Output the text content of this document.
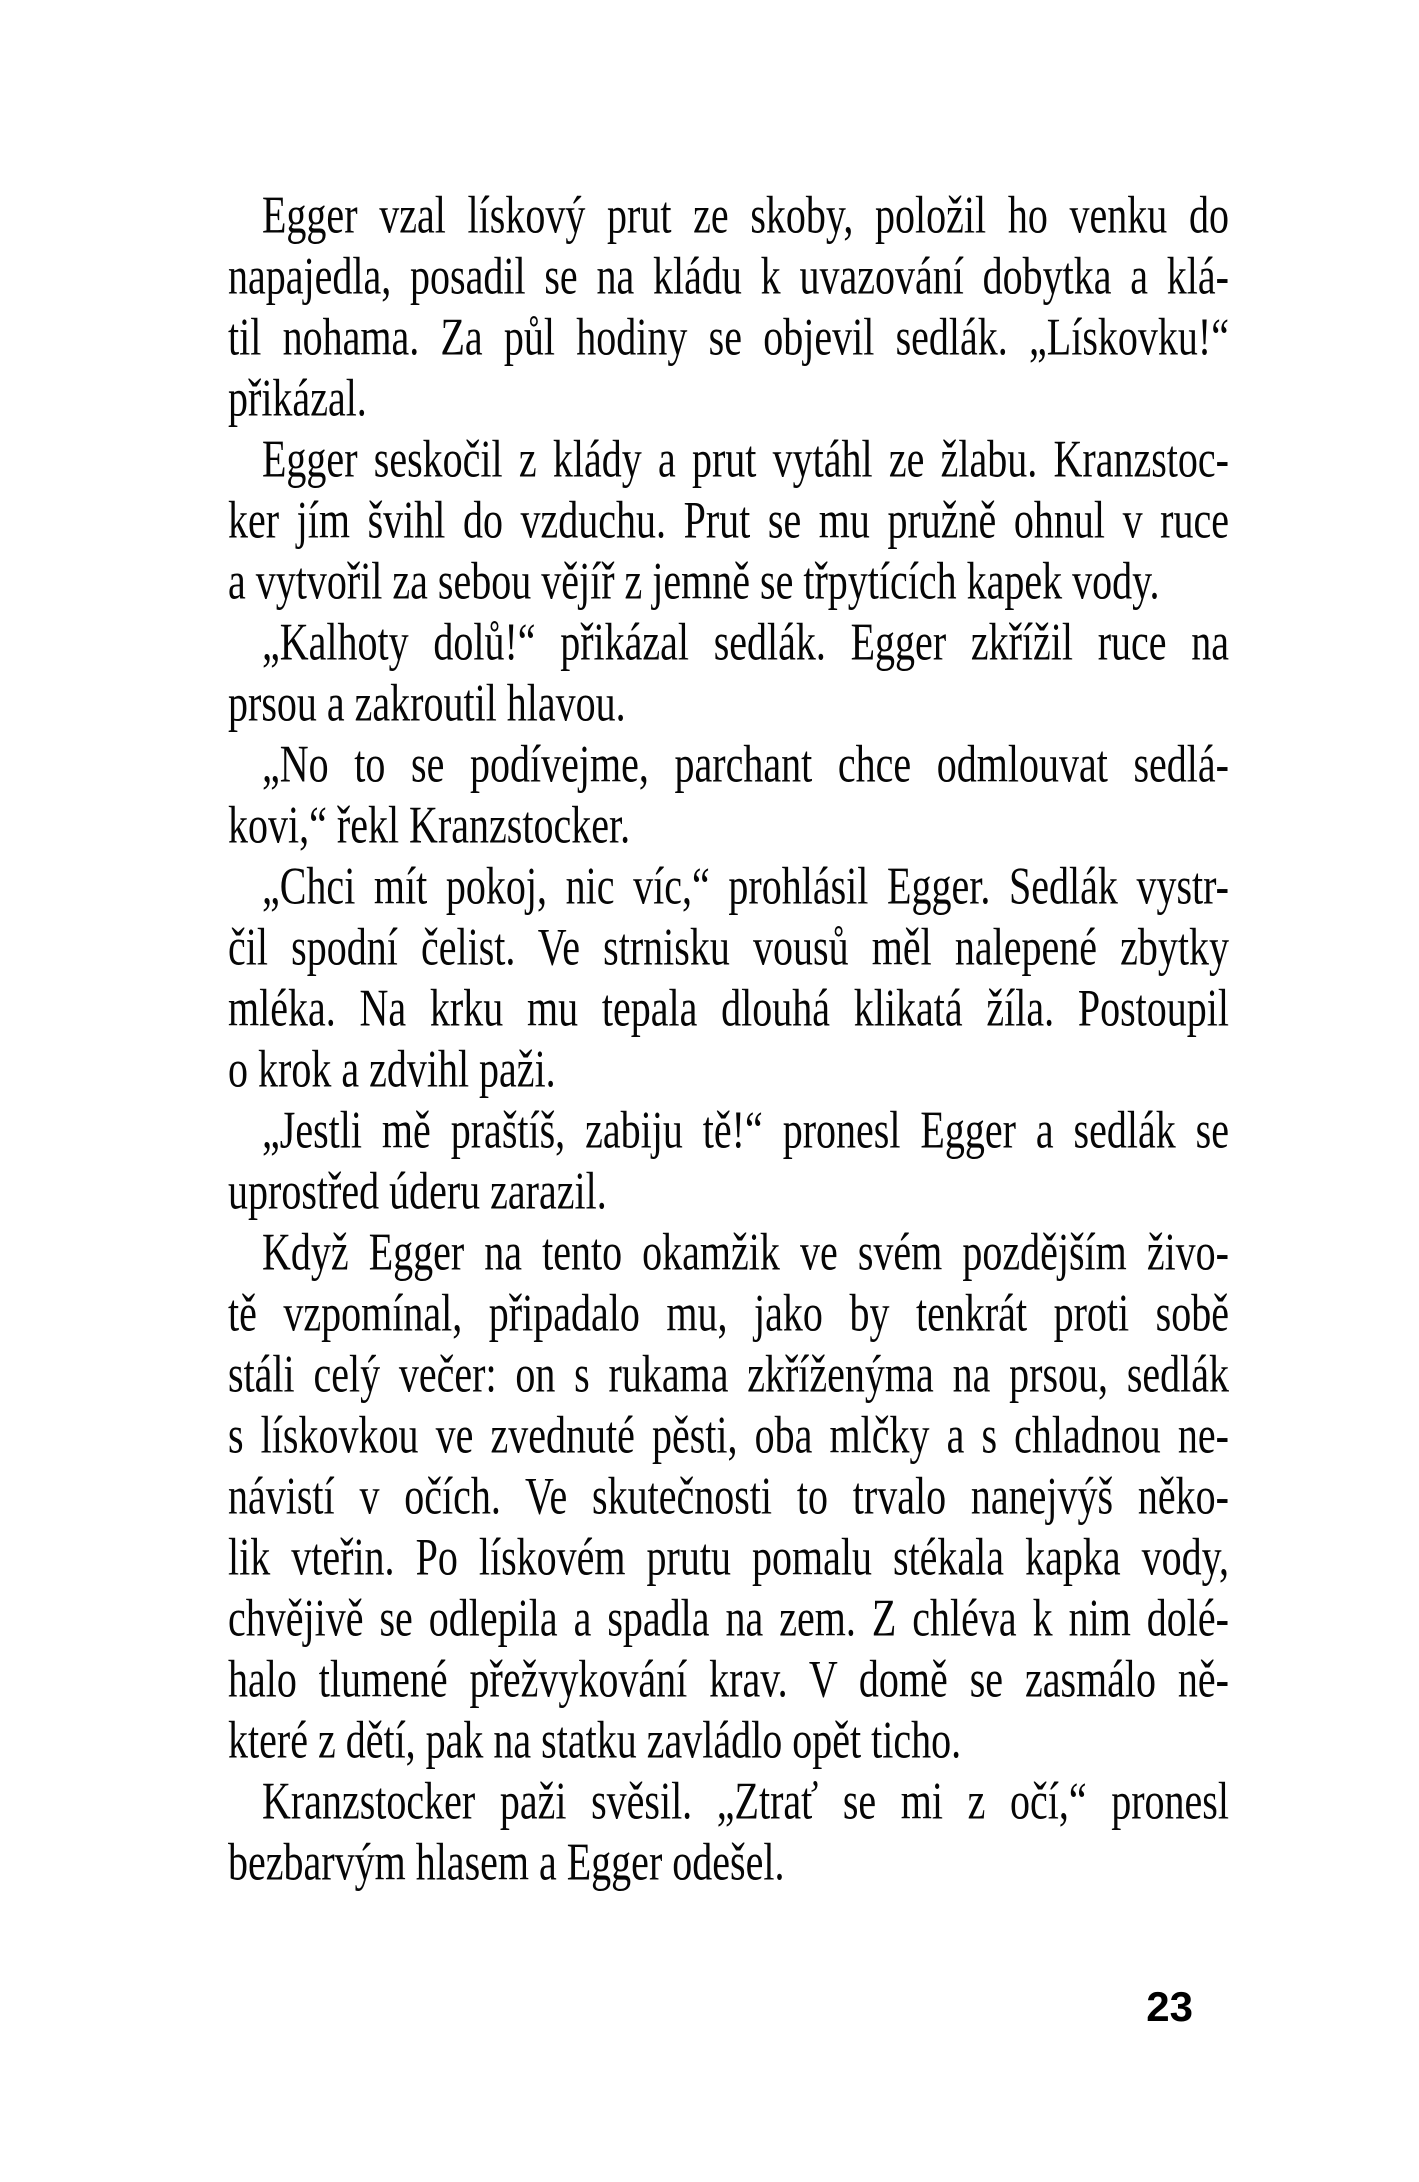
Egger vzal lískový prut ze skoby, položil ho venku do
napajedla, posadil se na kládu k uvazování dobytka a klá-
til nohama. Za půl hodiny se objevil sedlák. „Lískovku!“
přikázal.
Egger seskočil z klády a prut vytáhl ze žlabu. Kranzstoc-
ker jím švihl do vzduchu. Prut se mu pružně ohnul v ruce
a vytvořil za sebou vějíř z jemně se třpytících kapek vody.
„Kalhoty dolů!“ přikázal sedlák. Egger zkřížil ruce na
prsou a zakroutil hlavou.
„No to se podívejme, parchant chce odmlouvat sedlá-
kovi,“ řekl Kranzstocker.
„Chci mít pokoj, nic víc,“ prohlásil Egger. Sedlák vystr-
čil spodní čelist. Ve strnisku vousů měl nalepené zbytky
mléka. Na krku mu tepala dlouhá klikatá žíla. Postoupil
o krok a zdvihl paži.
„Jestli mě praštíš, zabiju tě!“ pronesl Egger a sedlák se
uprostřed úderu zarazil.
Když Egger na tento okamžik ve svém pozdějším živo-
tě vzpomínal, připadalo mu, jako by tenkrát proti sobě
stáli celý večer: on s rukama zkříženýma na prsou, sedlák
s lískovkou ve zvednuté pěsti, oba mlčky a s chladnou ne-
návistí v očích. Ve skutečnosti to trvalo nanejvýš něko-
lik vteřin. Po lískovém prutu pomalu stékala kapka vody,
chvějivě se odlepila a spadla na zem. Z chléva k nim dolé-
halo tlumené přežvykování krav. V domě se zasmálo ně-
které z dětí, pak na statku zavládlo opět ticho.
Kranzstocker paži svěsil. „Ztrať se mi z očí,“ pronesl
bezbarvým hlasem a Egger odešel.
23
